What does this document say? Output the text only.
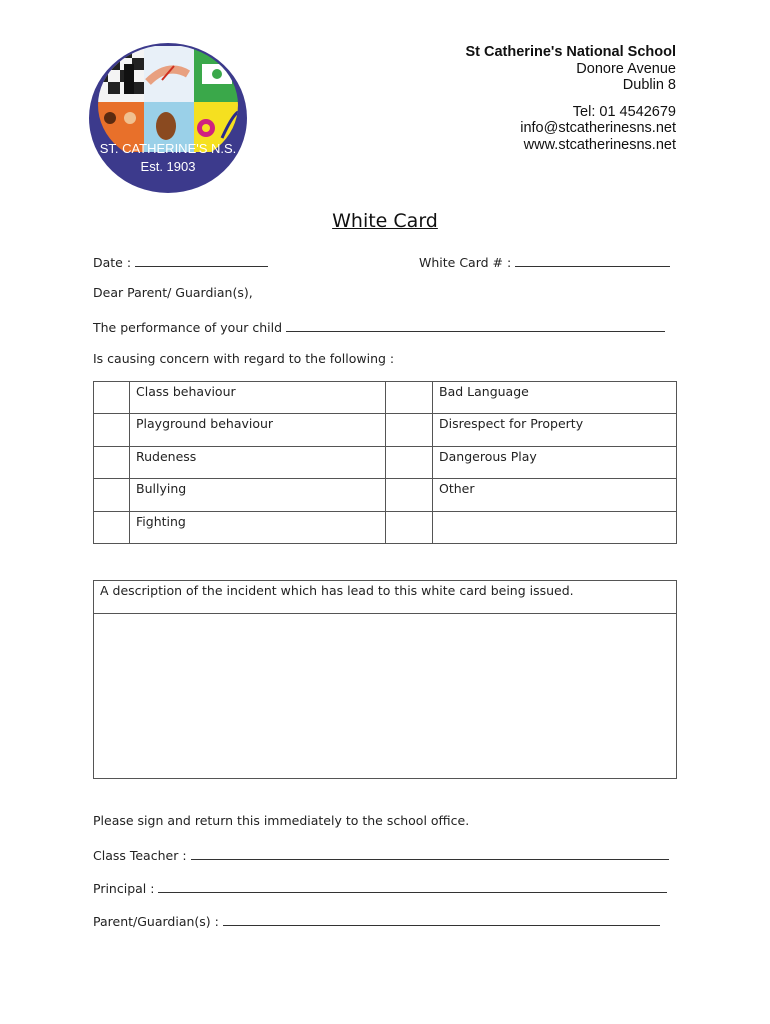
ST. CATHERINE'S N.S.
Est. 1903
St Catherine's National School
Donore Avenue
Dublin 8
Tel: 01 4542679
info@stcatherinesns.net
www.stcatherinesns.net
White Card
Date :	White Card # :
Dear Parent/ Guardian(s),
The performance of your child
Is causing concern with regard to the following :
	Class behaviour		Bad Language
	Playground behaviour		Disrespect for Property
	Rudeness		Dangerous Play
	Bullying		Other
	Fighting		
A description of the incident which has lead to this white card being issued.
Please sign and return this immediately to the school office.
Class Teacher :
Principal :
Parent/Guardian(s) :
